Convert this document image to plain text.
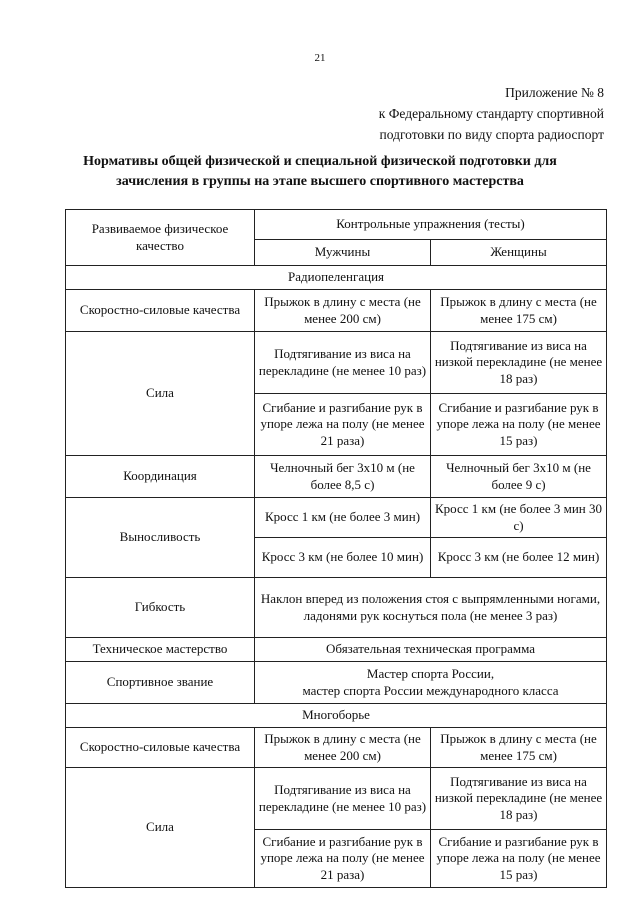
21
Приложение № 8
к Федеральному стандарту спортивной
подготовки по виду спорта радиоспорт
Нормативы общей физической и специальной физической подготовки для
зачисления в группы на этапе высшего спортивного мастерства
Развиваемое физическое качество	Контрольные упражнения (тесты)	
	Мужчины	Женщины
Радиопеленгация		
Скоростно-силовые качества	Прыжок в длину с места (не менее 200 см)	Прыжок в длину с места (не менее 175 см)
Сила	Подтягивание из виса на перекладине (не менее 10 раз)	Подтягивание из виса на низкой перекладине (не менее 18 раз)
	Сгибание и разгибание рук в упоре лежа на полу (не менее 21 раза)	Сгибание и разгибание рук в упоре лежа на полу (не менее 15 раз)
Координация	Челночный бег 3х10 м (не более 8,5 с)	Челночный бег 3х10 м (не более 9 с)
Выносливость	Кросс 1 км (не более 3 мин)	Кросс 1 км (не более 3 мин 30 с)
	Кросс 3 км (не более 10 мин)	Кросс 3 км (не более 12 мин)
Гибкость	Наклон вперед из положения стоя с выпрямленными ногами, ладонями рук коснуться пола (не менее 3 раз)	
Техническое мастерство	Обязательная техническая программа	
Спортивное звание	Мастер спорта России,
мастер спорта России международного класса	

Многоборье		
Скоростно-силовые качества	Прыжок в длину с места (не менее 200 см)	Прыжок в длину с места (не менее 175 см)
Сила	Подтягивание из виса на перекладине (не менее 10 раз)	Подтягивание из виса на низкой перекладине (не менее 18 раз)
	Сгибание и разгибание рук в упоре лежа на полу (не менее 21 раза)	Сгибание и разгибание рук в упоре лежа на полу (не менее 15 раз)
